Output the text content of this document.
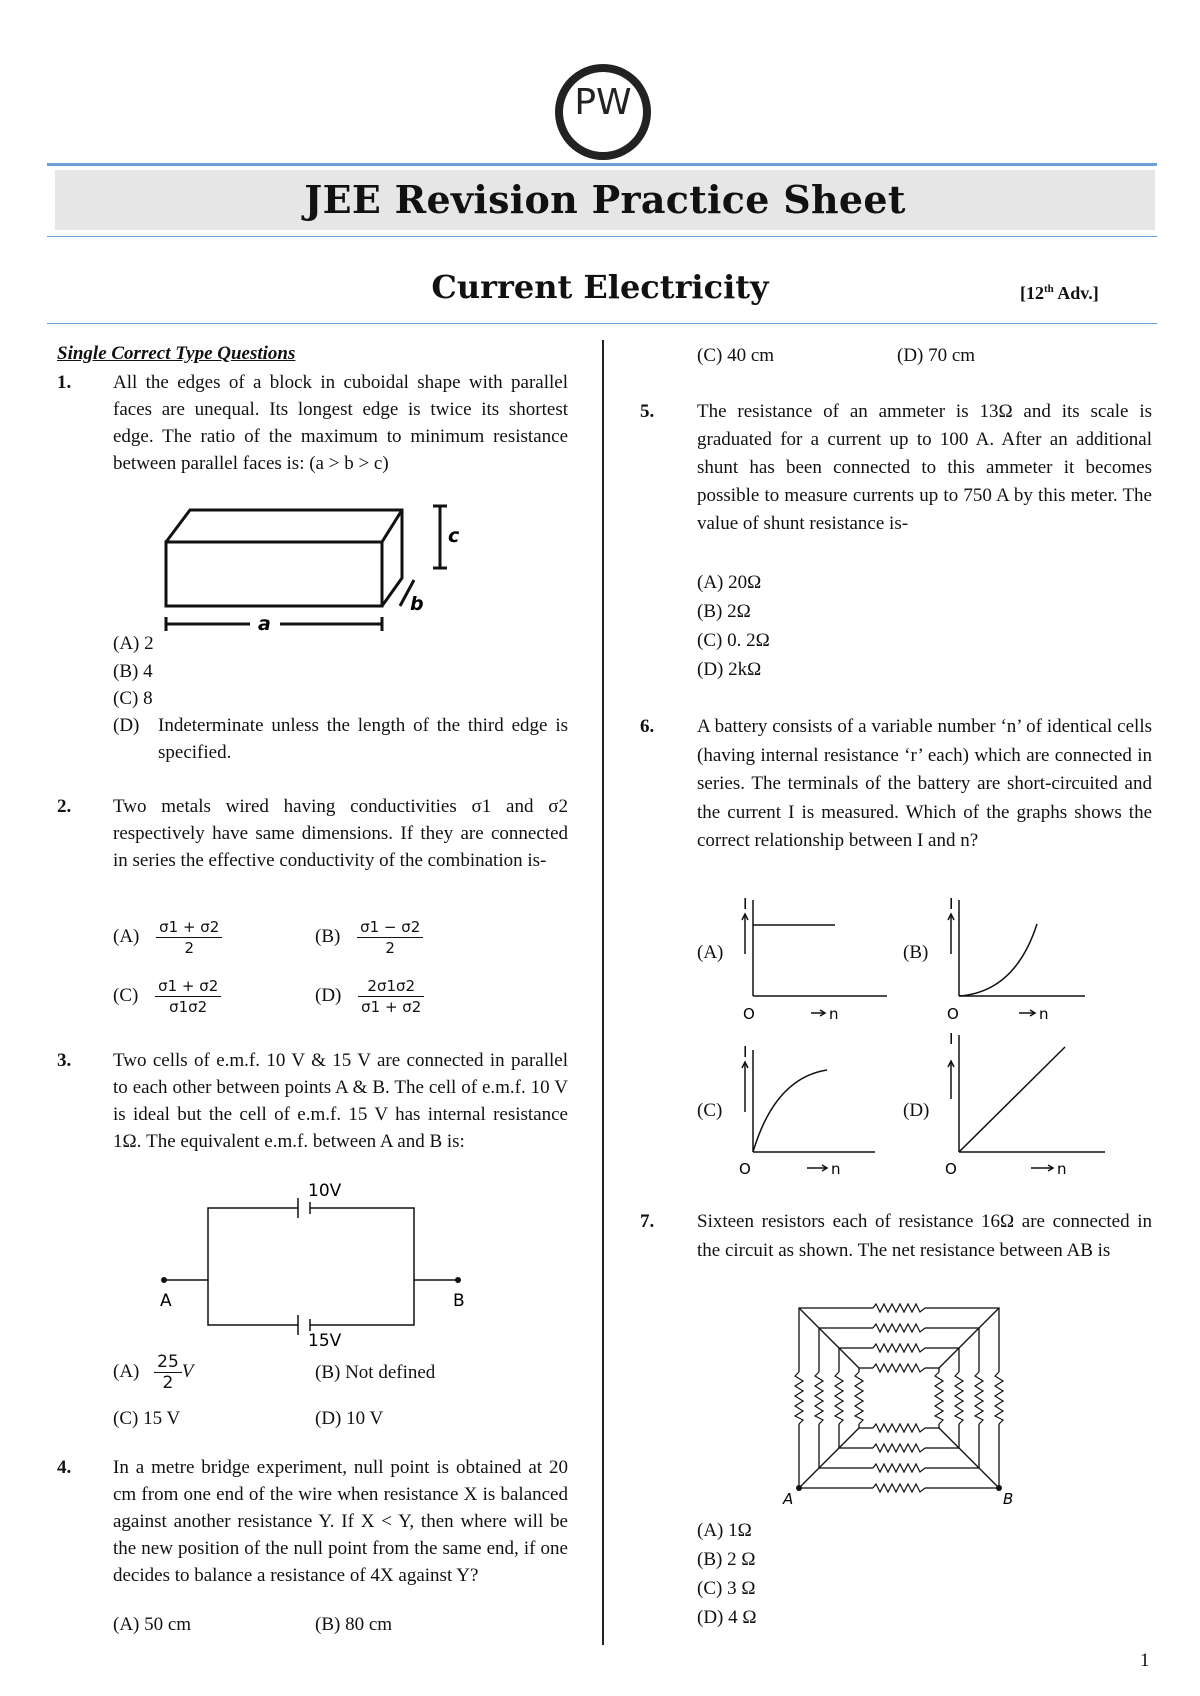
PW
JEE Revision Practice Sheet
Current Electricity	[12th Adv.]
Single Correct Type Questions
1. All the edges of a block in cuboidal shape with parallel faces are unequal. Its longest edge is twice its shortest edge. The ratio of the maximum to minimum resistance between parallel faces is: (a > b > c)
c
b
a
(A) 2
(B) 4
(C) 8
(D) Indeterminate unless the length of the third edge is specified.
2. Two metals wired having conductivities σ1 and σ2 respectively have same dimensions. If they are connected in series the effective conductivity of the combination is-
$(A) \frac{\sigma 1 + \sigma 2}{2}$	$(B) \frac{\sigma 1 - \sigma 2}{2}$
$(C) \frac{\sigma 1 + \sigma 2}{\sigma 1\sigma 2}$	$(D) \frac{2\sigma 1\sigma 2}{\sigma 1 + \sigma 2}$
3. Two cells of e.m.f. 10 V & 15 V are connected in parallel to each other between points A & B. The cell of e.m.f. 10 V is ideal but the cell of e.m.f. 15 V has internal resistance 1Ω. The equivalent e.m.f. between A and B is:
10V
15V
A	B
$(A) \frac{25}{2}$ V	(B) Not defined
(C) 15 V	(D) 10 V
4. In a metre bridge experiment, null point is obtained at 20 cm from one end of the wire when resistance X is balanced against another resistance Y. If X < Y, then where will be the new position of the null point from the same end, if one decides to balance a resistance of 4X against Y?
(A) 50 cm	(B) 80 cm
(C) 40 cm	(D) 70 cm
5. The resistance of an ammeter is 13Ω and its scale is graduated for a current up to 100 A. After an additional shunt has been connected to this ammeter it becomes possible to measure currents up to 750 A by this meter. The value of shunt resistance is-
(A) 20Ω
(B) 2Ω
(C) 0. 2Ω
(D) 2kΩ
6. A battery consists of a variable number ‘n’ of identical cells (having internal resistance ‘r’ each) which are connected in series. The terminals of the battery are short-circuited and the current I is measured. Which of the graphs shows the correct relationship between I and n?
(A)	(B)
(C)	(D)
I
O	n
I
O	n
I
O	n
I
O	n
7. Sixteen resistors each of resistance 16Ω are connected in the circuit as shown. The net resistance between AB is
A	B
(A) 1Ω
(B) 2 Ω
(C) 3 Ω
(D) 4 Ω
1
